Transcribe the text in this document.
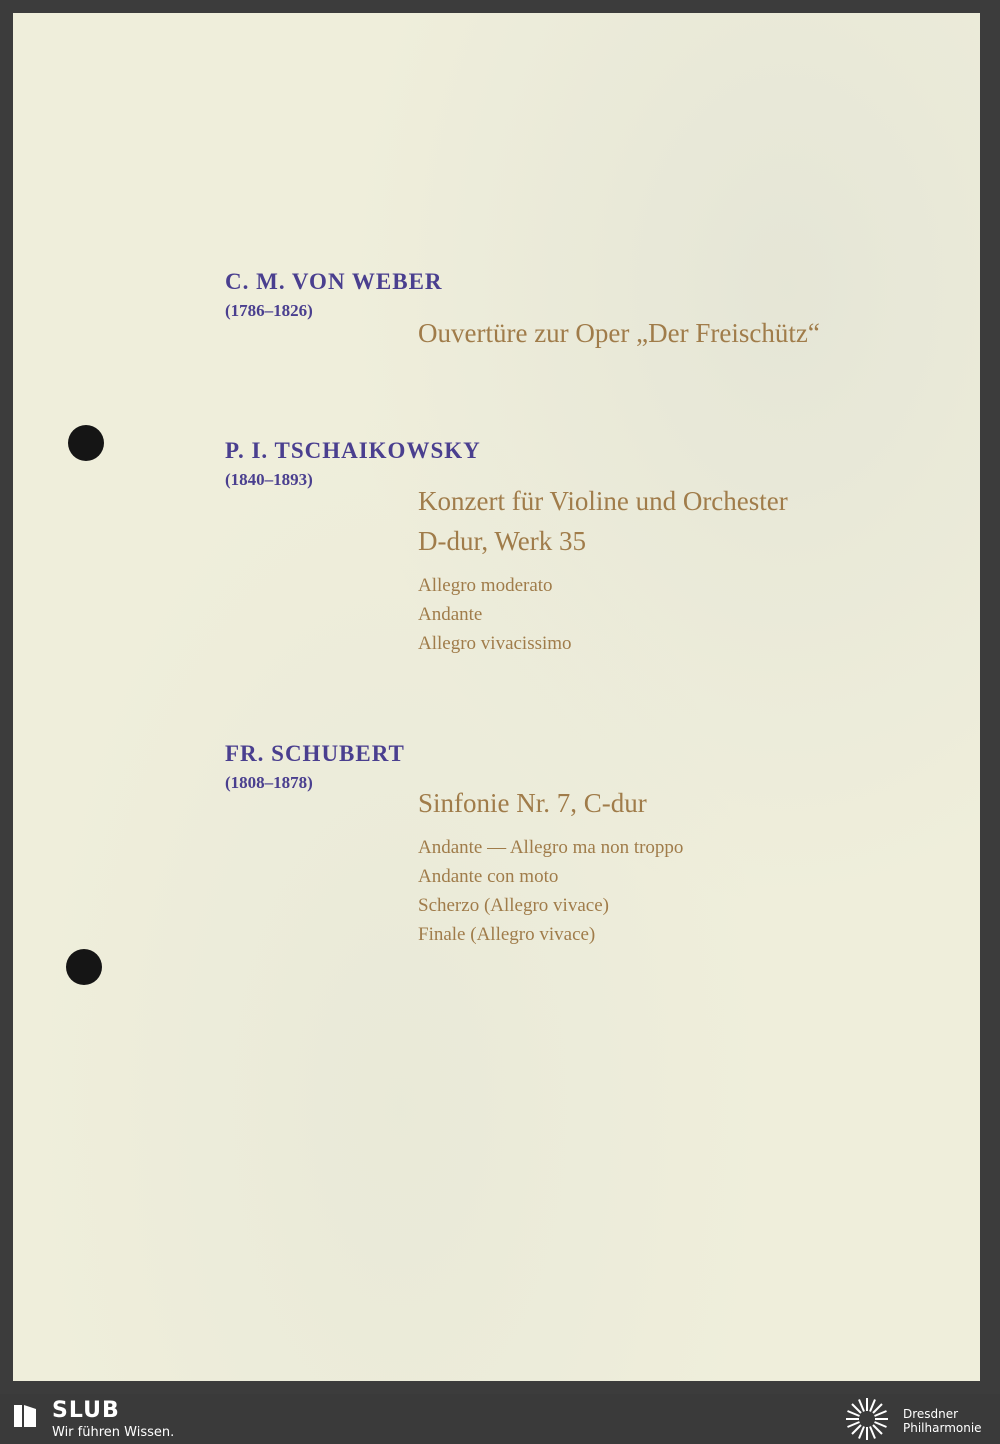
C. M. VON WEBER
(1786–1826)
Ouvertüre zur Oper „Der Freischütz“
P. I. TSCHAIKOWSKY
(1840–1893)
Konzert für Violine und Orchester
D-dur, Werk 35
Allegro moderato
Andante
Allegro vivacissimo
FR. SCHUBERT
(1808–1878)
Sinfonie Nr. 7, C-dur
Andante — Allegro ma non troppo
Andante con moto
Scherzo (Allegro vivace)
Finale (Allegro vivace)
SLUB
Wir führen Wissen.
Dresdner
Philharmonie
